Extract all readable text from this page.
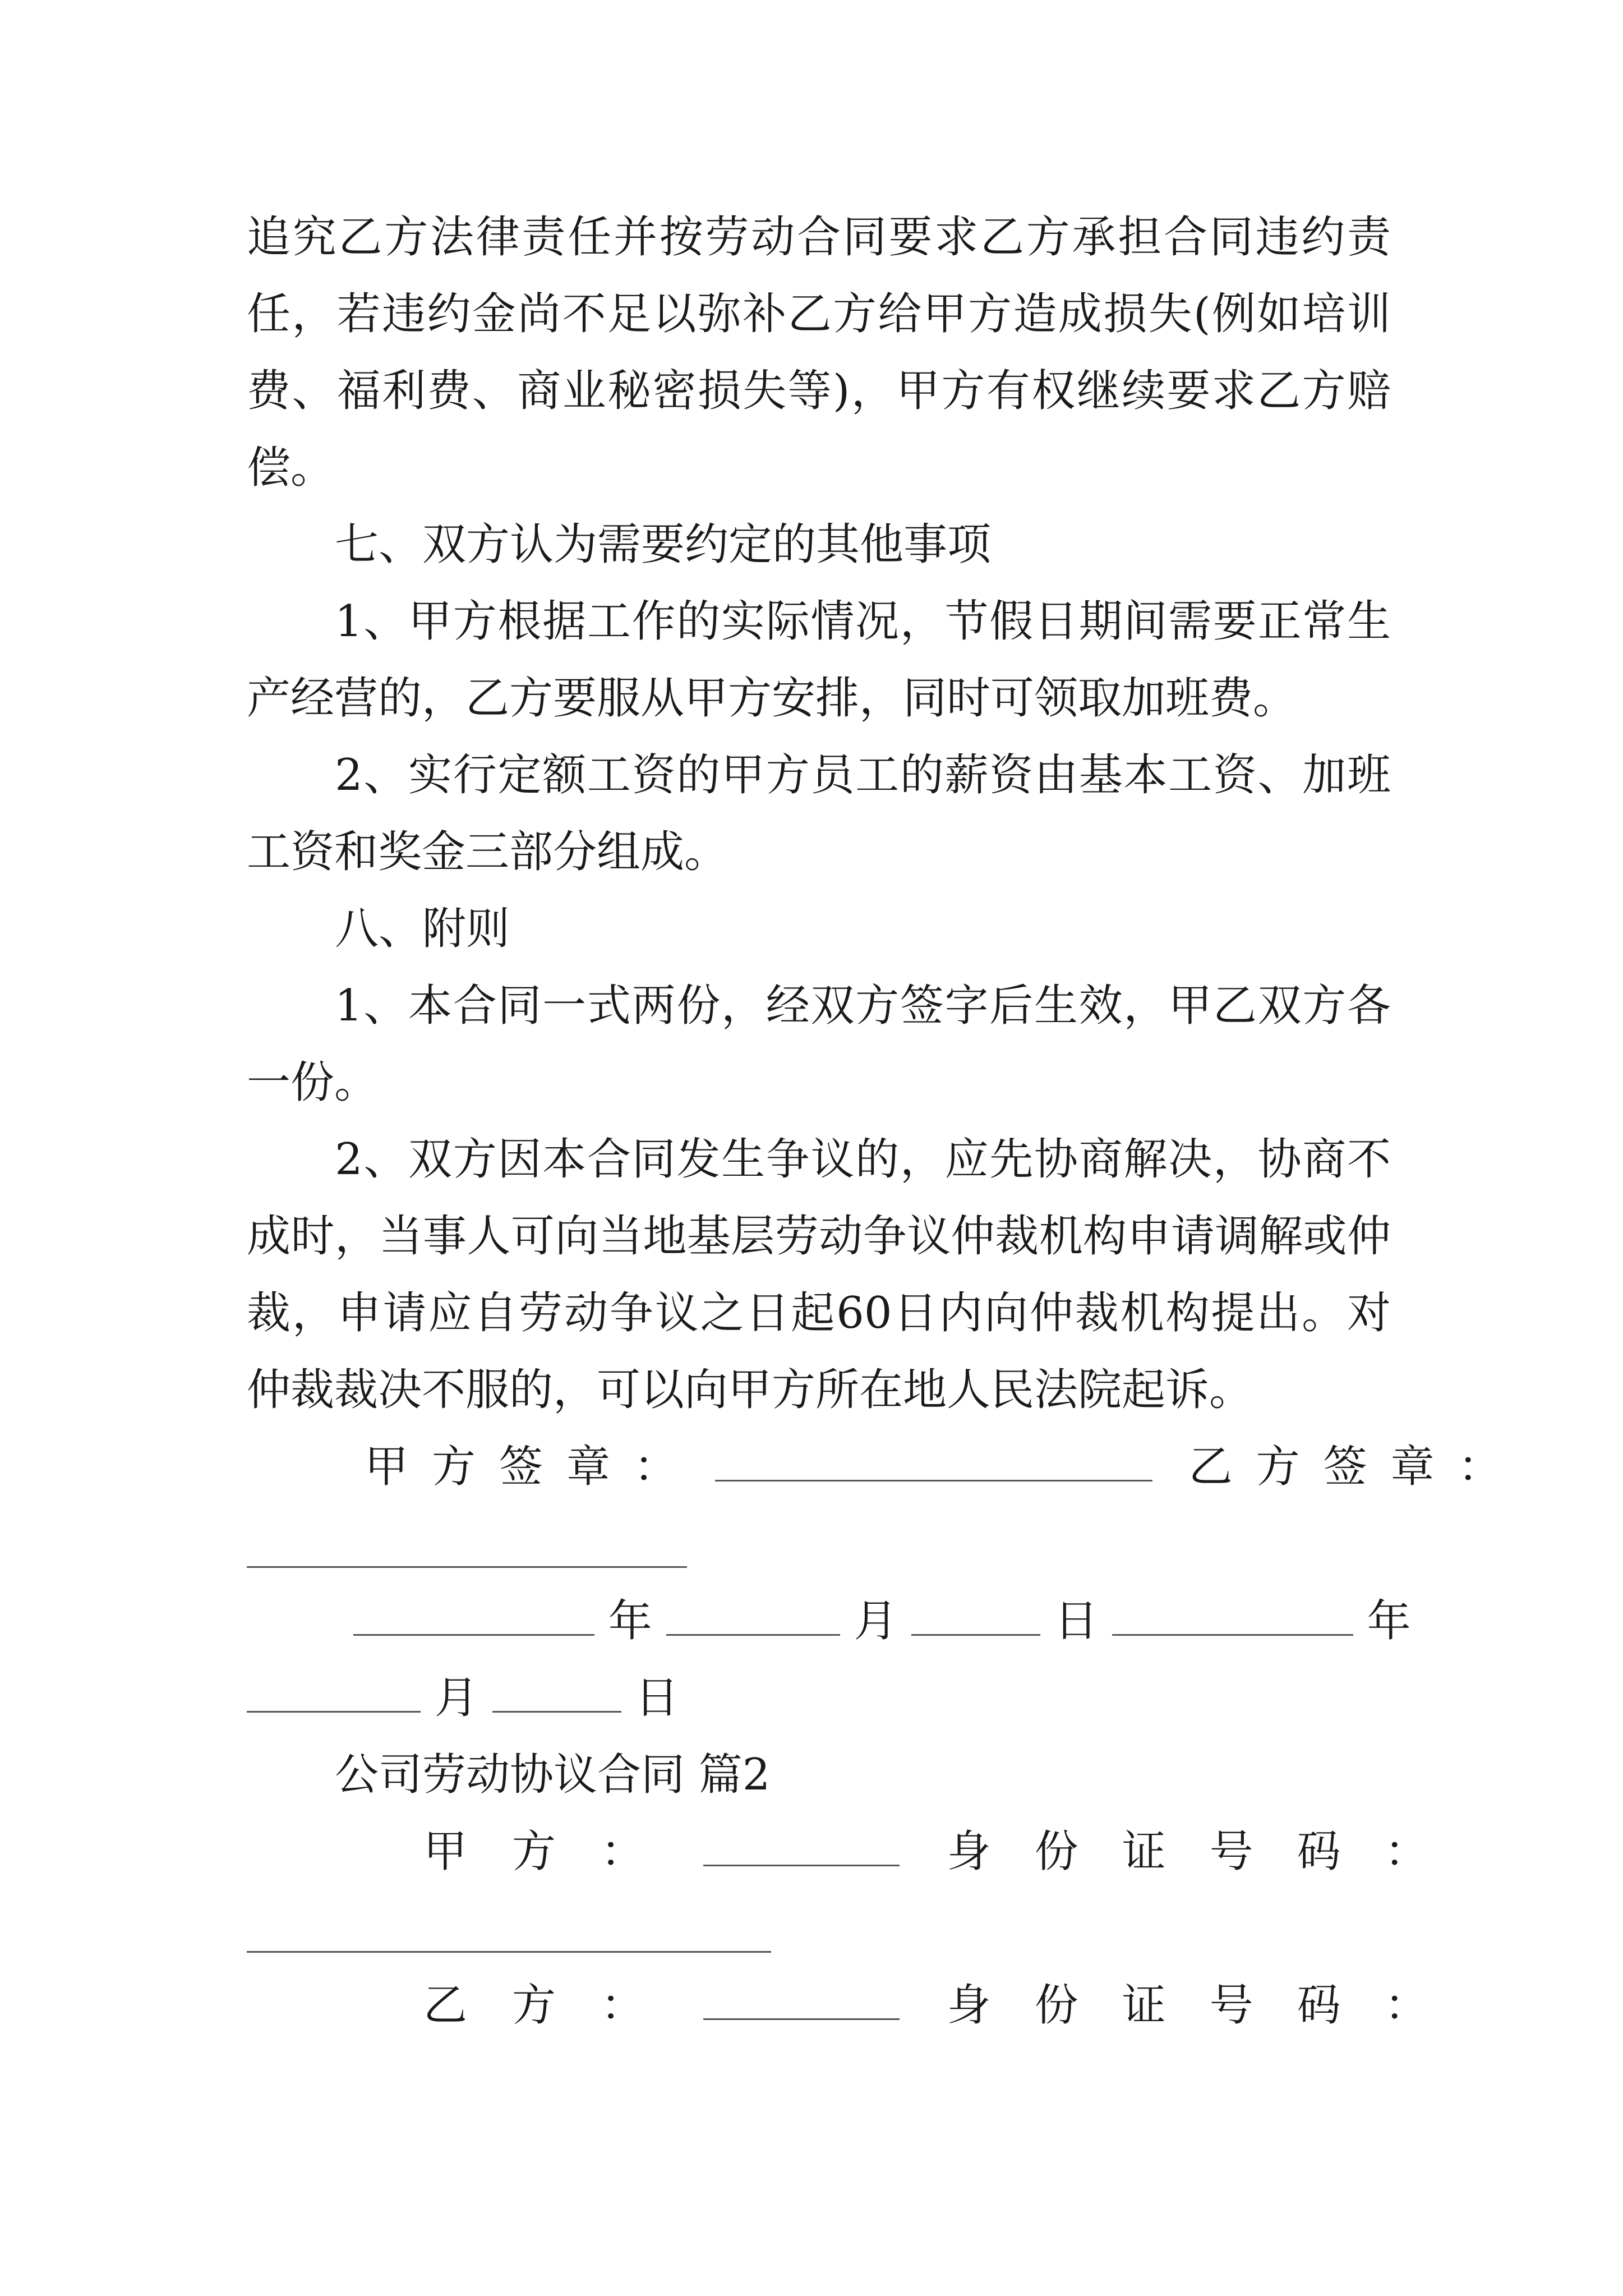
追究乙方法律责任并按劳动合同要求乙方承担合同违约责
任，若违约金尚不足以弥补乙方给甲方造成损失(例如培训
费、福利费、商业秘密损失等)，甲方有权继续要求乙方赔
偿。
七、双方认为需要约定的其他事项
1、甲方根据工作的实际情况，节假日期间需要正常生
产经营的，乙方要服从甲方安排，同时可领取加班费。
2、实行定额工资的甲方员工的薪资由基本工资、加班
工资和奖金三部分组成。
八、附则
1、本合同一式两份，经双方签字后生效，甲乙双方各
一份。
2、双方因本合同发生争议的，应先协商解决，协商不
成时，当事人可向当地基层劳动争议仲裁机构申请调解或仲
裁，申请应自劳动争议之日起60日内向仲裁机构提出。对
仲裁裁决不服的，可以向甲方所在地人民法院起诉。
甲方签章：	乙方签章：
年	月	日	年
月	日
公司劳动协议合同 篇2
甲方：	身份证号码：
乙方：	身份证号码：
